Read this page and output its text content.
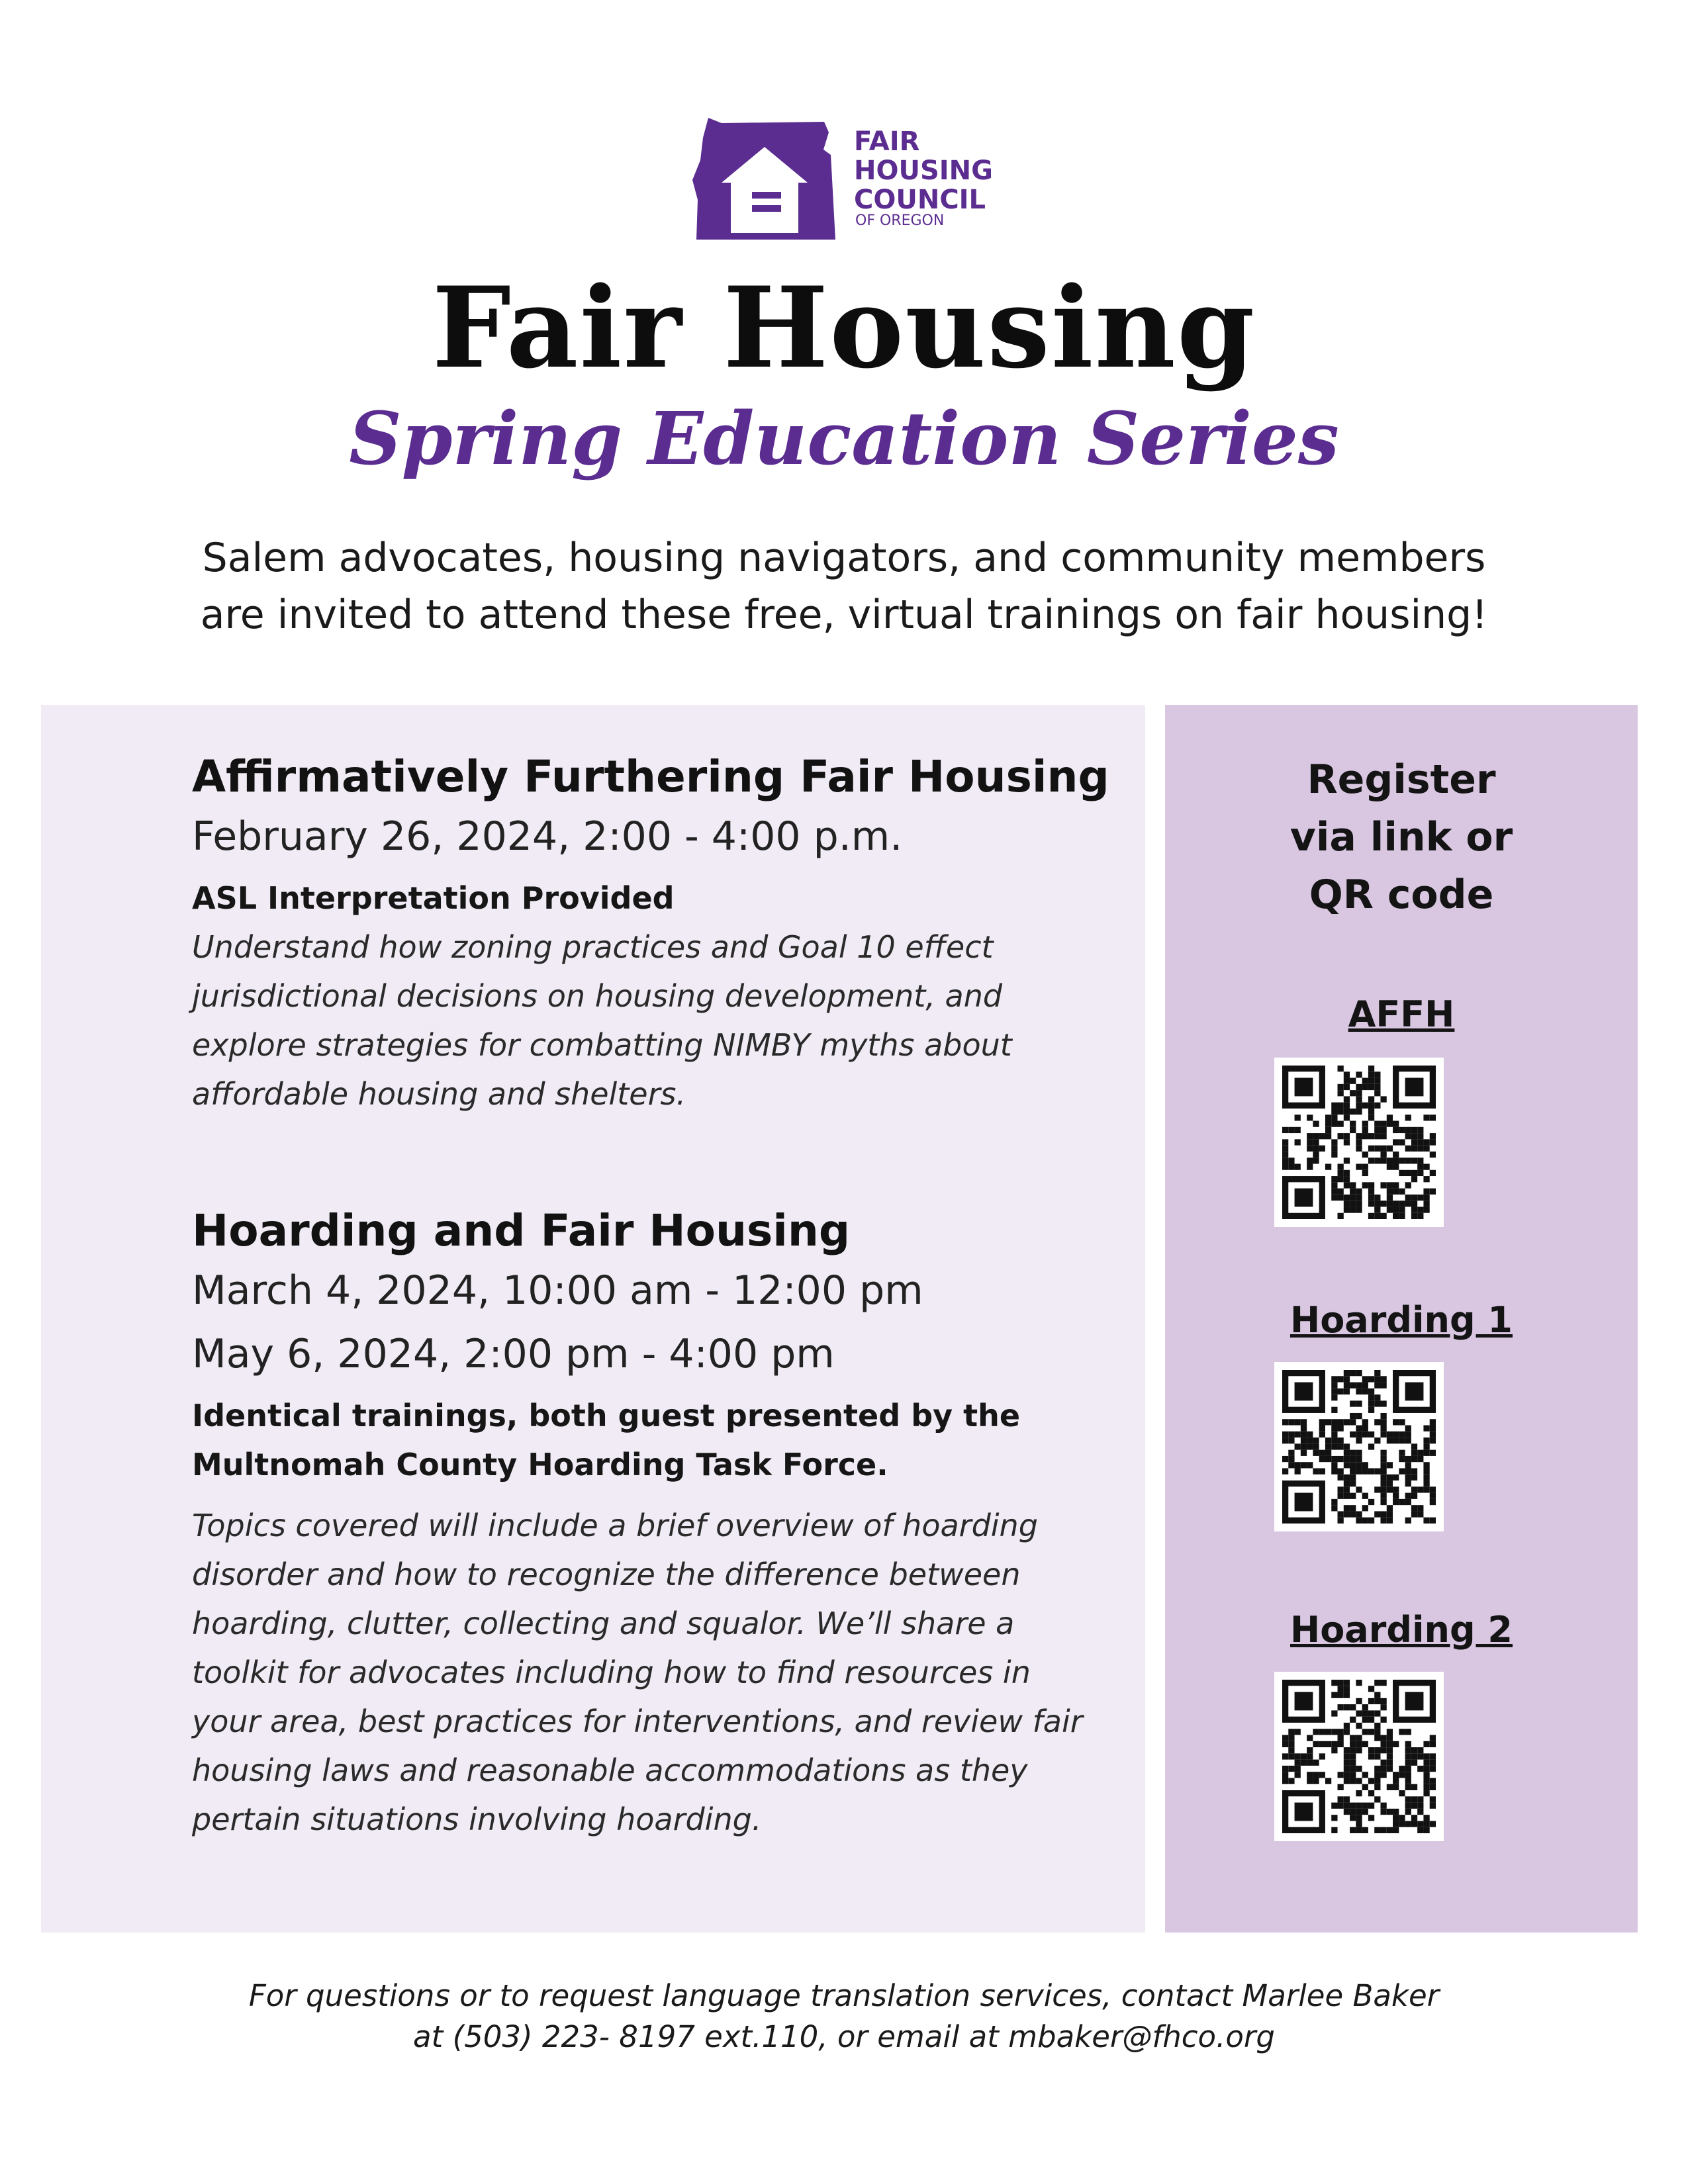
FAIR
HOUSING
COUNCIL
OF OREGON
Fair Housing
Spring Education Series
Salem advocates, housing navigators, and community members
are invited to attend these free, virtual trainings on fair housing!
Affirmatively Furthering Fair Housing
February 26, 2024, 2:00 - 4:00 p.m.
ASL Interpretation Provided
Understand how zoning practices and Goal 10 effect
jurisdictional decisions on housing development, and
explore strategies for combatting NIMBY myths about
affordable housing and shelters.
Hoarding and Fair Housing
March 4, 2024, 10:00 am - 12:00 pm
May 6, 2024, 2:00 pm - 4:00 pm
Identical trainings, both guest presented by the
Multnomah County Hoarding Task Force.
Topics covered will include a brief overview of hoarding
disorder and how to recognize the difference between
hoarding, clutter, collecting and squalor. We’ll share a
toolkit for advocates including how to find resources in
your area, best practices for interventions, and review fair
housing laws and reasonable accommodations as they
pertain situations involving hoarding.
Register
via link or
QR code
AFFH
Hoarding 1
Hoarding 2
For questions or to request language translation services, contact Marlee Baker
at (503) 223- 8197 ext.110, or email at mbaker@fhco.org
